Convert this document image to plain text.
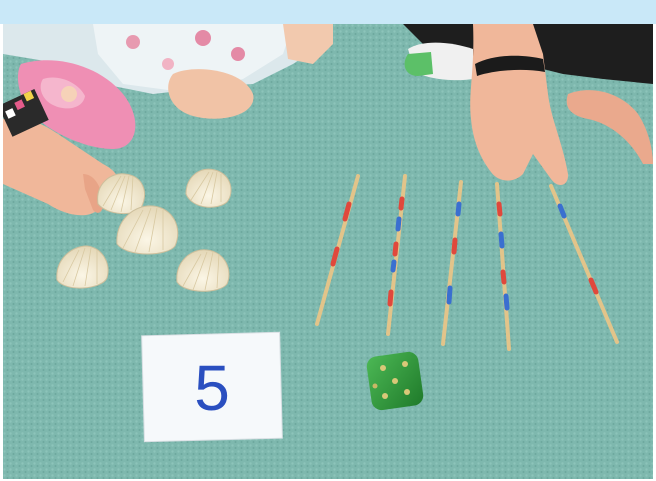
5
